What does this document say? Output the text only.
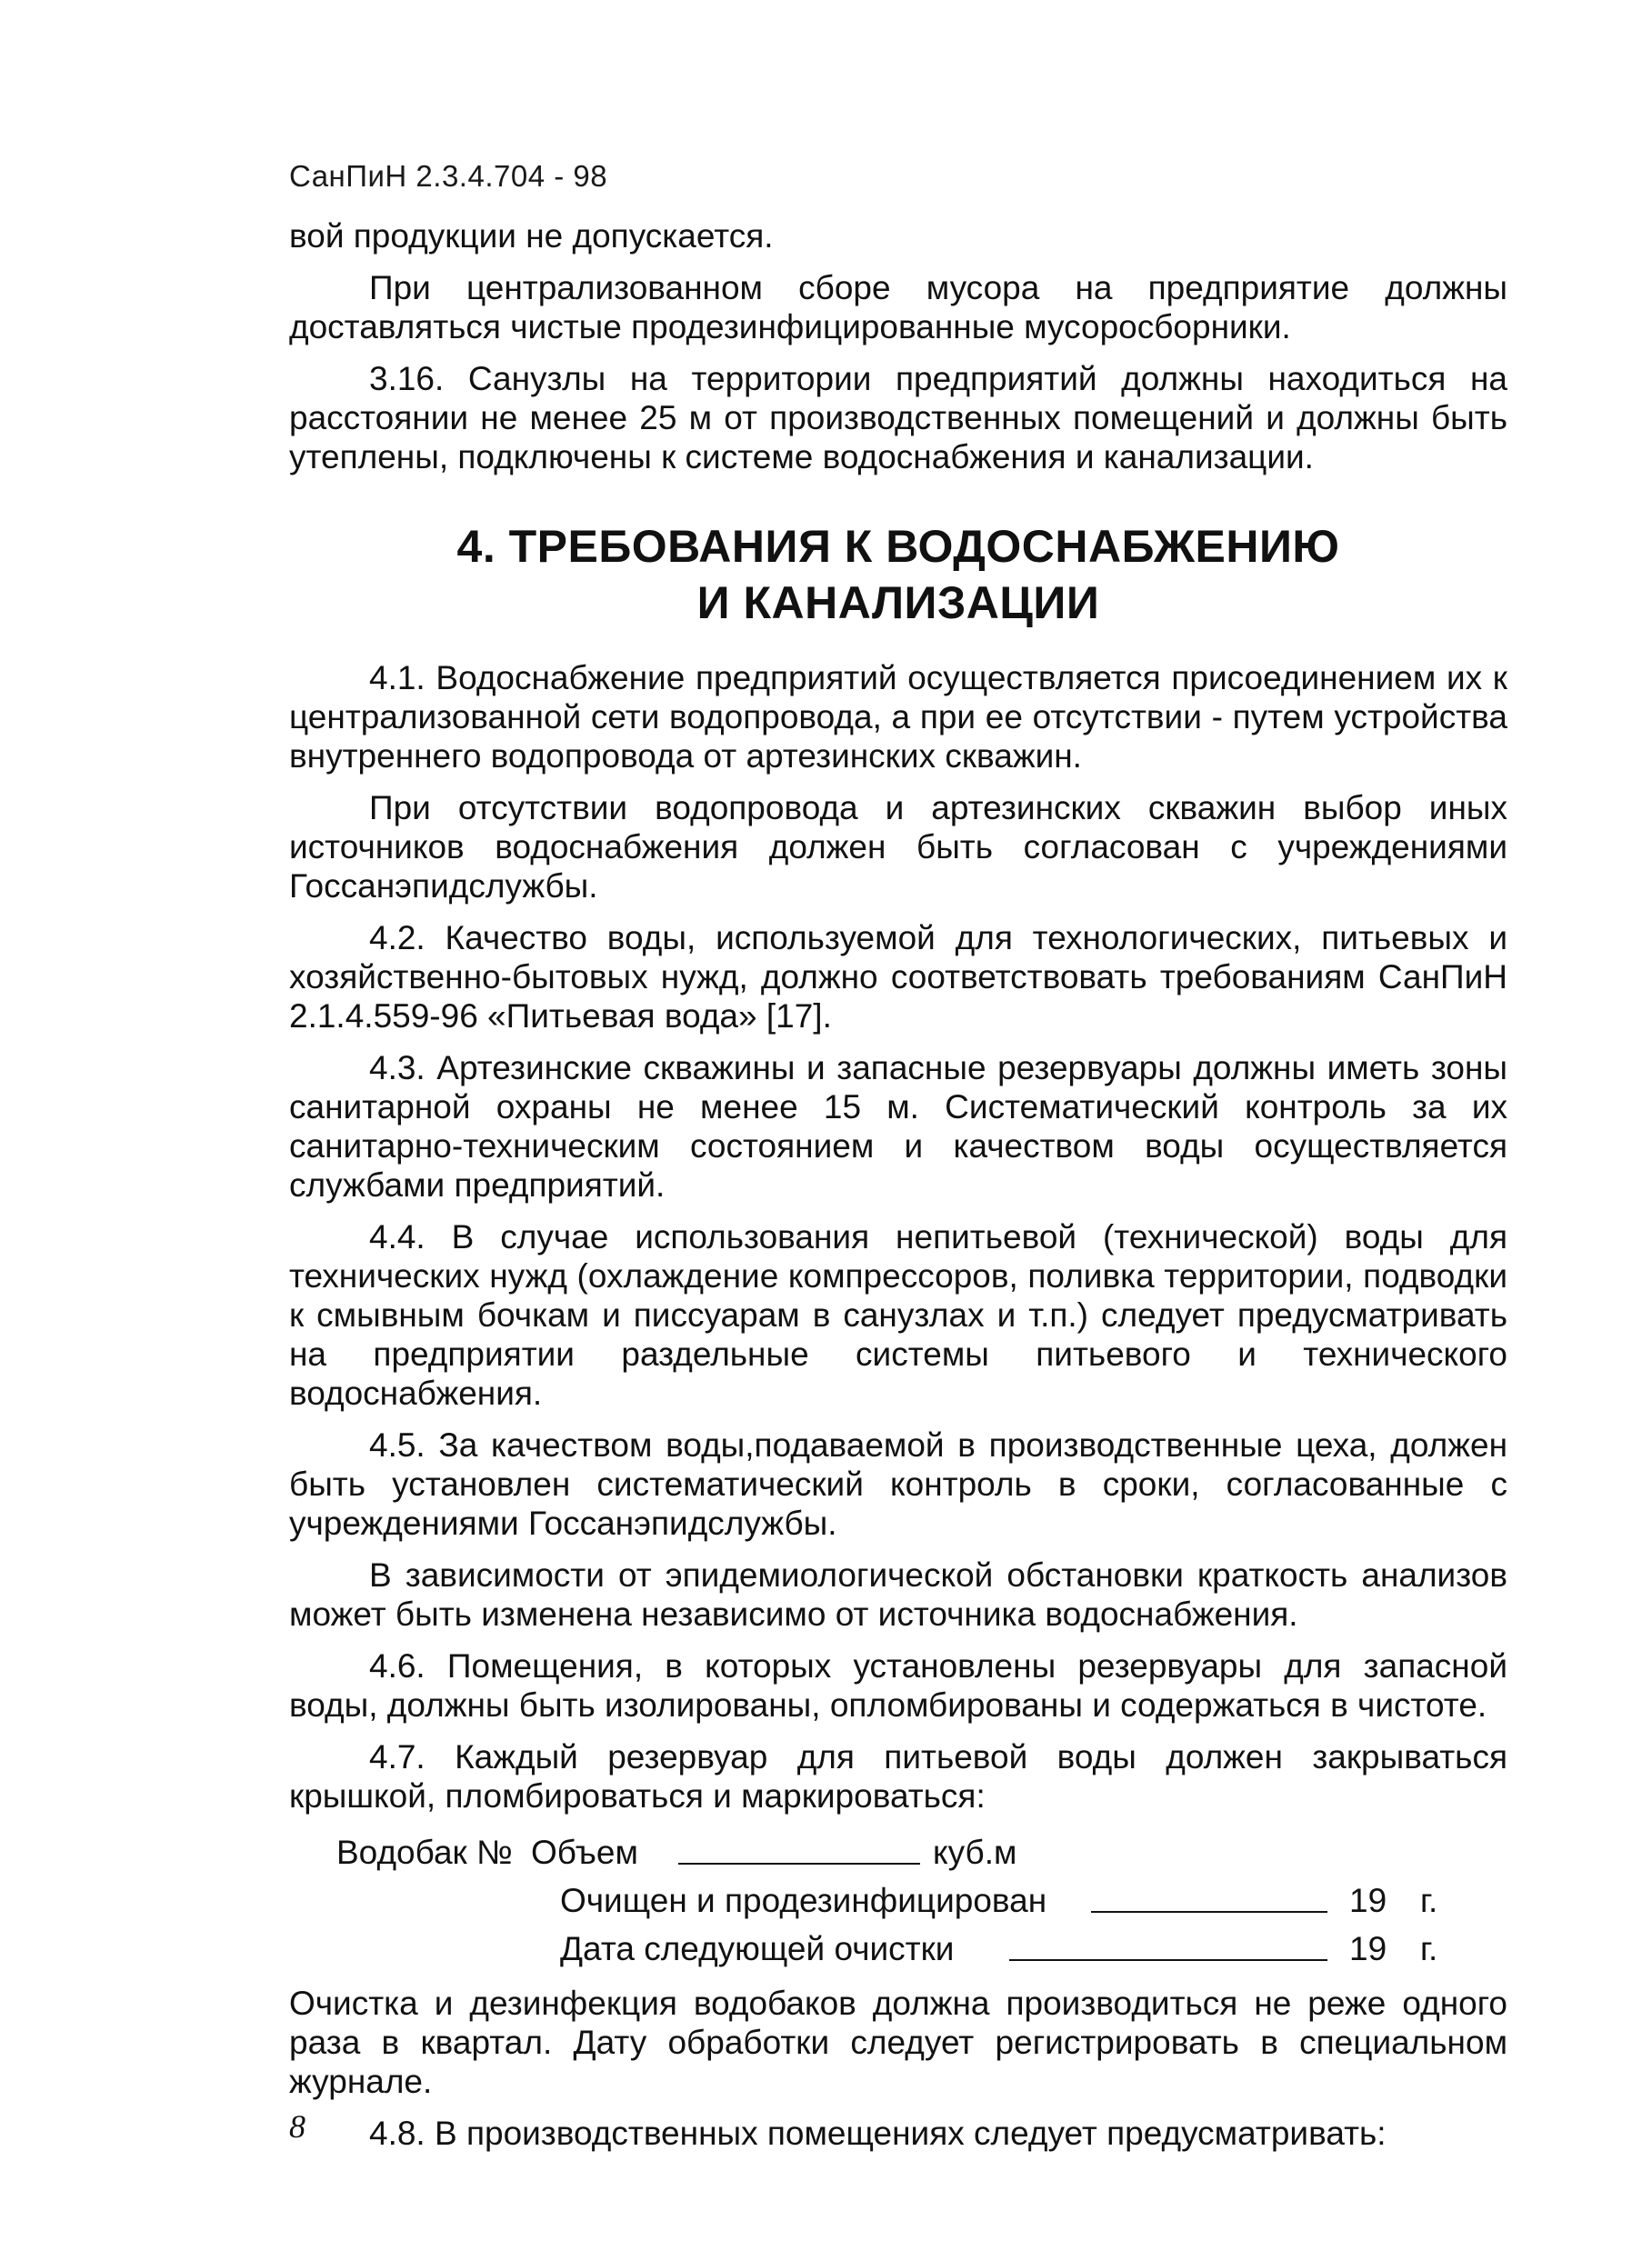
СанПиН 2.3.4.704 - 98

вой продукции не допускается.

При централизованном сборе мусора на предприятие должны доставляться чистые продезинфицированные мусоросборники.

3.16. Санузлы на территории предприятий должны находиться на расстоянии не менее 25 м от производственных помещений и должны быть утеплены, подключены к системе водоснабжения и канализации.

4. ТРЕБОВАНИЯ К ВОДОСНАБЖЕНИЮ
И КАНАЛИЗАЦИИ

4.1. Водоснабжение предприятий осуществляется присоединением их к централизованной сети водопровода, а при ее отсутствии - путем устройства внутреннего водопровода от артезинских скважин.

При отсутствии водопровода и артезинских скважин выбор иных источников водоснабжения должен быть согласован с учреждениями Госсанэпидслужбы.

4.2. Качество воды, используемой для технологических, питьевых и хозяйственно-бытовых нужд, должно соответствовать требованиям СанПиН 2.1.4.559-96 «Питьевая вода» [17].

4.3. Артезинские скважины и запасные резервуары должны иметь зоны санитарной охраны не менее 15 м. Систематический контроль за их санитарно-техническим состоянием и качеством воды осуществляется службами предприятий.

4.4. В случае использования непитьевой (технической) воды для технических нужд (охлаждение компрессоров, поливка территории, подводки к смывным бочкам и писсуарам в санузлах и т.п.) следует предусматривать на предприятии раздельные системы питьевого и технического водоснабжения.

4.5. За качеством воды,подаваемой в производственные цеха, должен быть установлен систематический контроль в сроки, согласованные с учреждениями Госсанэпидслужбы.

В зависимости от эпидемиологической обстановки краткость анализов может быть изменена независимо от источника водоснабжения.

4.6. Помещения, в которых установлены резервуары для запасной воды, должны быть изолированы, опломбированы и содержаться в чистоте.

4.7. Каждый резервуар для питьевой воды должен закрываться крышкой, пломбироваться и маркироваться:

Водобак № Объем	куб.м
Очищен и продезинфицирован	19 г.
Дата следующей очистки	19 г.

Очистка и дезинфекция водобаков должна производиться не реже одного раза в квартал. Дату обработки следует регистрировать в специальном журнале.

4.8. В производственных помещениях следует предусматривать:

8
